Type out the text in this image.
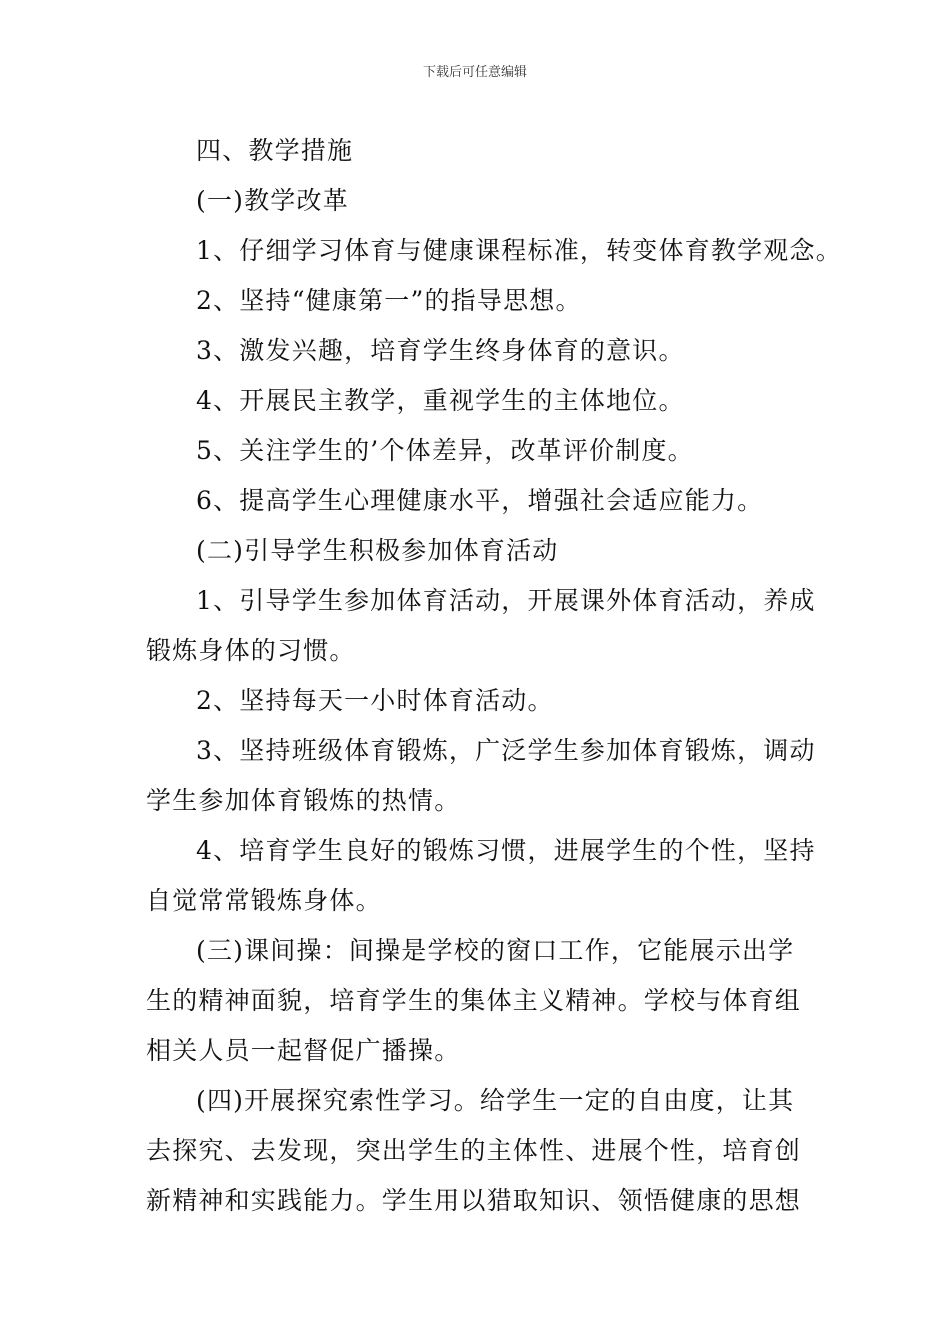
下载后可任意编辑

四、教学措施

(一)教学改革

1、仔细学习体育与健康课程标准，转变体育教学观念。

2、坚持“健康第一”的指导思想。

3、激发兴趣，培育学生终身体育的意识。

4、开展民主教学，重视学生的主体地位。

5、关注学生的’个体差异，改革评价制度。

6、提高学生心理健康水平，增强社会适应能力。

(二)引导学生积极参加体育活动

1、引导学生参加体育活动，开展课外体育活动，养成

锻炼身体的习惯。

2、坚持每天一小时体育活动。

3、坚持班级体育锻炼，广泛学生参加体育锻炼，调动

学生参加体育锻炼的热情。

4、培育学生良好的锻炼习惯，进展学生的个性，坚持

自觉常常锻炼身体。

(三)课间操：间操是学校的窗口工作，它能展示出学

生的精神面貌，培育学生的集体主义精神。学校与体育组

相关人员一起督促广播操。

(四)开展探究索性学习。给学生一定的自由度，让其

去探究、去发现，突出学生的主体性、进展个性，培育创

新精神和实践能力。学生用以猎取知识、领悟健康的思想
